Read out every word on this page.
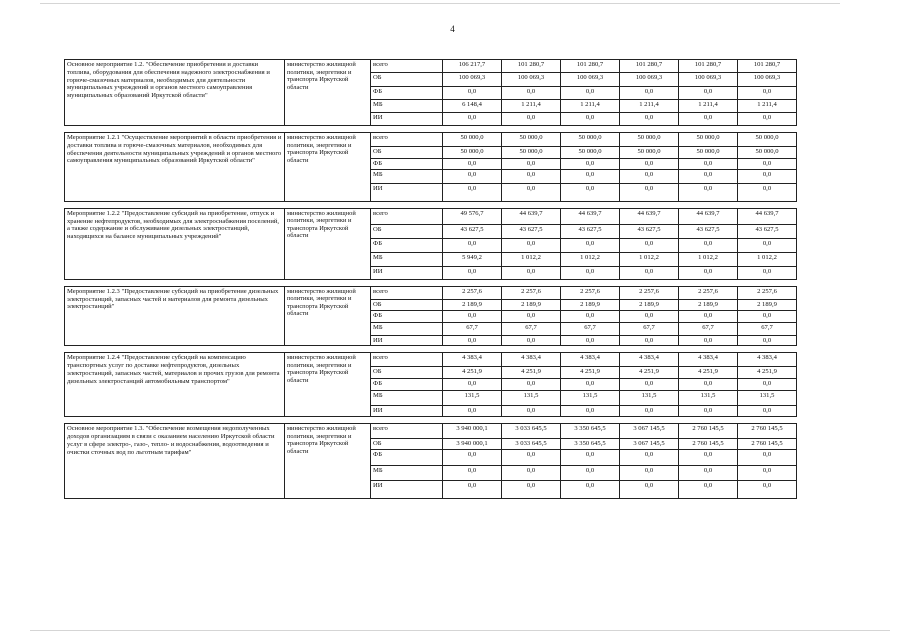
4
Основное мероприятие 1.2. "Обеспечение приобретения и доставки топлива, оборудования для обеспечения надежного электроснабжения и горюче-смазочных материалов, необходимых для деятельности муниципальных учреждений и органов местного самоуправления муниципальных образований Иркутской области"	министерство жилищной политики, энергетики и транспорта Иркутской области	всего	106 217,7	101 280,7	101 280,7	101 280,7	101 280,7	101 280,7
		ОБ	100 069,3	100 069,3	100 069,3	100 069,3	100 069,3	100 069,3
		ФБ	0,0	0,0	0,0	0,0	0,0	0,0
		МБ	6 148,4	1 211,4	1 211,4	1 211,4	1 211,4	1 211,4
		ИИ	0,0	0,0	0,0	0,0	0,0	0,0

Мероприятие 1.2.1 "Осуществление мероприятий в области приобретения и доставки топлива и горюче-смазочных материалов, необходимых для обеспечения деятельности муниципальных учреждений и органов местного самоуправления муниципальных образований Иркутской области"	министерство жилищной политики, энергетики и транспорта Иркутской области	всего	50 000,0	50 000,0	50 000,0	50 000,0	50 000,0	50 000,0
		ОБ	50 000,0	50 000,0	50 000,0	50 000,0	50 000,0	50 000,0
		ФБ	0,0	0,0	0,0	0,0	0,0	0,0
		МБ	0,0	0,0	0,0	0,0	0,0	0,0
		ИИ	0,0	0,0	0,0	0,0	0,0	0,0

Мероприятие 1.2.2 "Предоставление субсидий на приобретение, отпуск и хранение нефтепродуктов, необходимых для электроснабжения поселений, а также содержание и обслуживание дизельных электростанций, находящихся на балансе муниципальных учреждений"	министерство жилищной политики, энергетики и транспорта Иркутской области	всего	49 576,7	44 639,7	44 639,7	44 639,7	44 639,7	44 639,7
		ОБ	43 627,5	43 627,5	43 627,5	43 627,5	43 627,5	43 627,5
		ФБ	0,0	0,0	0,0	0,0	0,0	0,0
		МБ	5 949,2	1 012,2	1 012,2	1 012,2	1 012,2	1 012,2
		ИИ	0,0	0,0	0,0	0,0	0,0	0,0

Мероприятие 1.2.3 "Предоставление субсидий на приобретение дизельных электростанций, запасных частей и материалов для ремонта дизельных электростанций"	министерство жилищной политики, энергетики и транспорта Иркутской области	всего	2 257,6	2 257,6	2 257,6	2 257,6	2 257,6	2 257,6
		ОБ	2 189,9	2 189,9	2 189,9	2 189,9	2 189,9	2 189,9
		ФБ	0,0	0,0	0,0	0,0	0,0	0,0
		МБ	67,7	67,7	67,7	67,7	67,7	67,7
		ИИ	0,0	0,0	0,0	0,0	0,0	0,0

Мероприятие 1.2.4 "Предоставление субсидий на компенсацию транспортных услуг по доставке нефтепродуктов, дизельных электростанций, запасных частей, материалов и прочих грузов для ремонта дизельных электростанций автомобильным транспортом"	министерство жилищной политики, энергетики и транспорта Иркутской области	всего	4 383,4	4 383,4	4 383,4	4 383,4	4 383,4	4 383,4
		ОБ	4 251,9	4 251,9	4 251,9	4 251,9	4 251,9	4 251,9
		ФБ	0,0	0,0	0,0	0,0	0,0	0,0
		МБ	131,5	131,5	131,5	131,5	131,5	131,5
		ИИ	0,0	0,0	0,0	0,0	0,0	0,0

Основное мероприятие 1.3. "Обеспечение возмещения недополученных доходов организациям в связи с оказанием населению Иркутской области услуг в сфере электро-, газо-, тепло- и водоснабжения, водоотведения и очистки сточных вод по льготным тарифам"	министерство жилищной политики, энергетики и транспорта Иркутской области	всего	3 940 000,1	3 033 645,5	3 350 645,5	3 067 145,5	2 760 145,5	2 760 145,5
		ОБ	3 940 000,1	3 033 645,5	3 350 645,5	3 067 145,5	2 760 145,5	2 760 145,5
		ФБ	0,0	0,0	0,0	0,0	0,0	0,0
		МБ	0,0	0,0	0,0	0,0	0,0	0,0
		ИИ	0,0	0,0	0,0	0,0	0,0	0,0
